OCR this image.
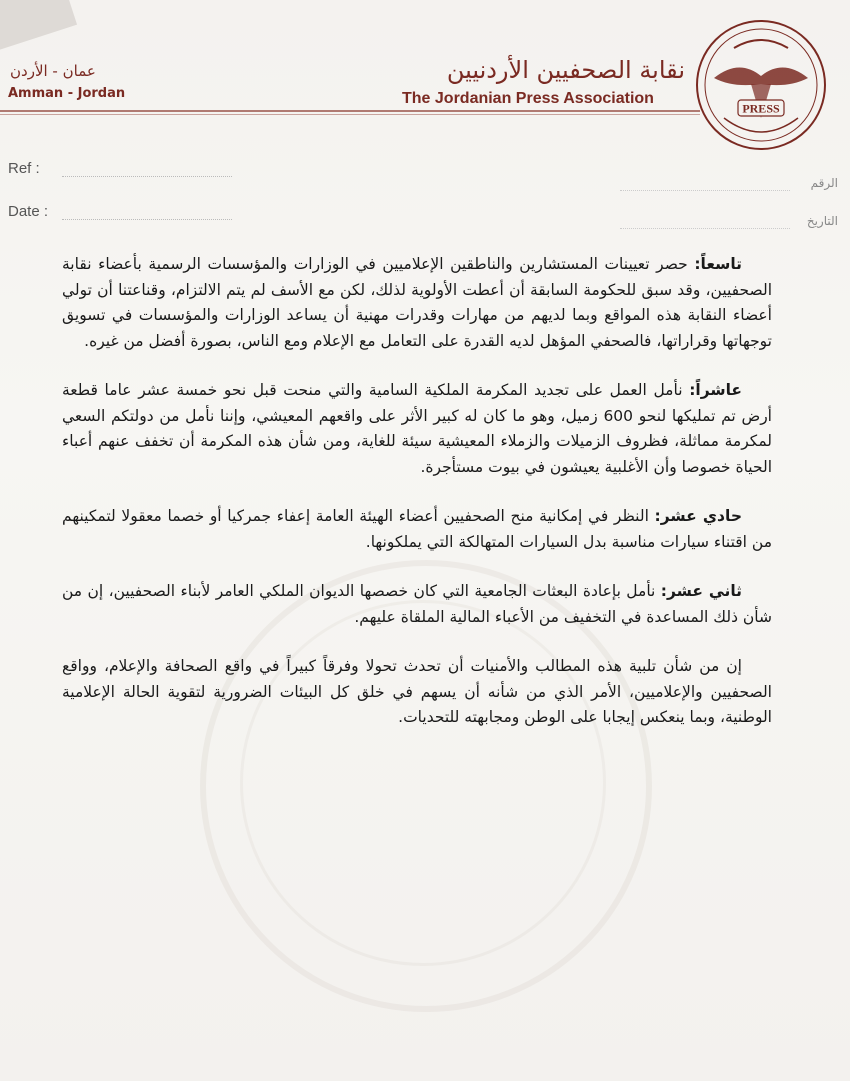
عمان - الأردن
Amman - Jordan
نقابة الصحفيين الأردنيين
The Jordanian Press Association
PRESS
Ref :
Date :
الرقم
التاريخ

تاسعاً: حصر تعيينات المستشارين والناطقين الإعلاميين في الوزارات والمؤسسات الرسمية بأعضاء نقابة الصحفيين، وقد سبق للحكومة السابقة أن أعطت الأولوية لذلك، لكن مع الأسف لم يتم الالتزام، وقناعتنا أن تولي أعضاء النقابة هذه المواقع وبما لديهم من مهارات وقدرات مهنية أن يساعد الوزارات والمؤسسات في تسويق توجهاتها وقراراتها، فالصحفي المؤهل لديه القدرة على التعامل مع الإعلام ومع الناس، بصورة أفضل من غيره.

عاشراً: نأمل العمل على تجديد المكرمة الملكية السامية والتي منحت قبل نحو خمسة عشر عاما قطعة أرض تم تمليكها لنحو 600 زميل، وهو ما كان له كبير الأثر على واقعهم المعيشي، وإننا نأمل من دولتكم السعي لمكرمة مماثلة، فظروف الزميلات والزملاء المعيشية سيئة للغاية، ومن شأن هذه المكرمة أن تخفف عنهم أعباء الحياة خصوصا وأن الأغلبية يعيشون في بيوت مستأجرة.

حادي عشر: النظر في إمكانية منح الصحفيين أعضاء الهيئة العامة إعفاء جمركيا أو خصما معقولا لتمكينهم من اقتناء سيارات مناسبة بدل السيارات المتهالكة التي يملكونها.

ثاني عشر: نأمل بإعادة البعثات الجامعية التي كان خصصها الديوان الملكي العامر لأبناء الصحفيين، إن من شأن ذلك المساعدة في التخفيف من الأعباء المالية الملقاة عليهم.

إن من شأن تلبية هذه المطالب والأمنيات أن تحدث تحولا وفرقاً كبيراً في واقع الصحافة والإعلام، وواقع الصحفيين والإعلاميين، الأمر الذي من شأنه أن يسهم في خلق كل البيئات الضرورية لتقوية الحالة الإعلامية الوطنية، وبما ينعكس إيجابا على الوطن ومجابهته للتحديات.
